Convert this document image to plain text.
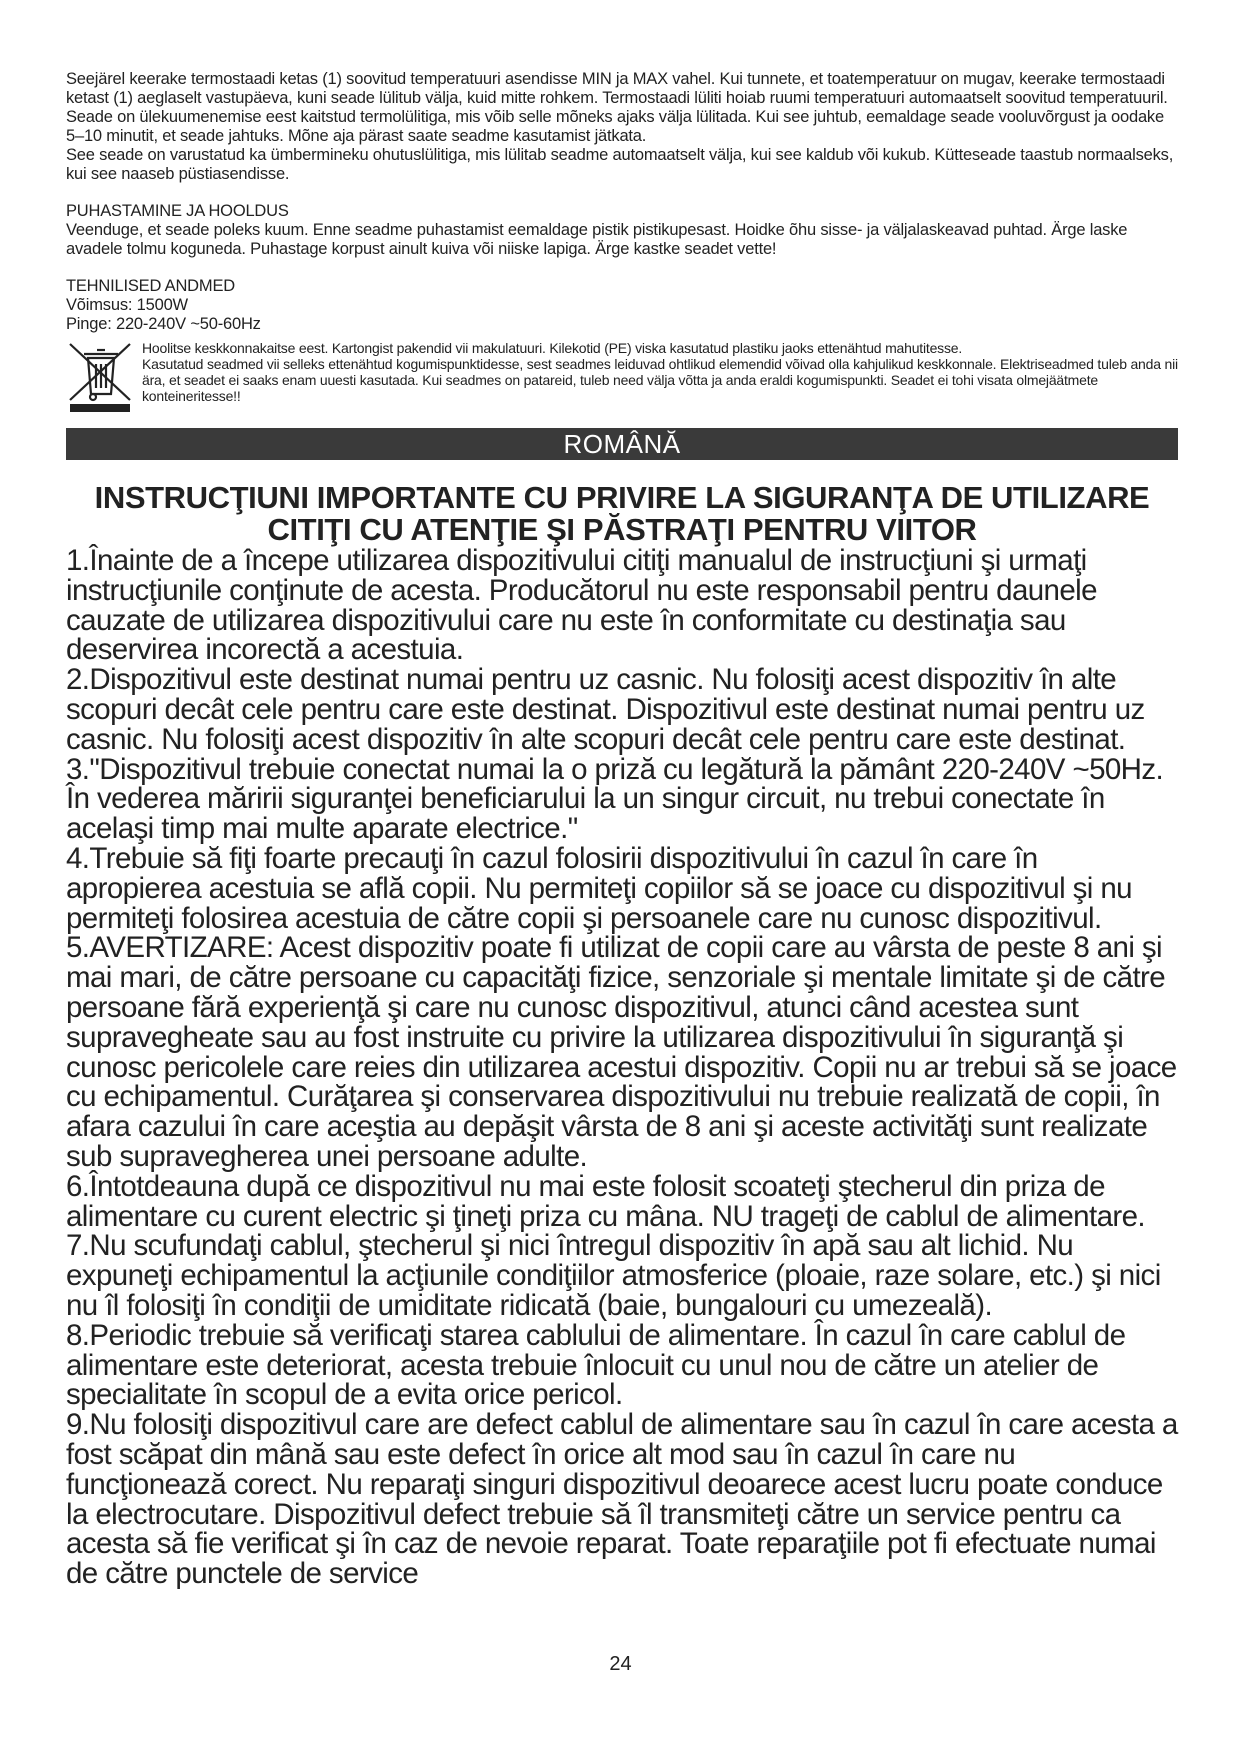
Seejärel keerake termostaadi ketas (1) soovitud temperatuuri asendisse MIN ja MAX vahel. Kui tunnete, et toatemperatuur on mugav, keerake termostaadi ketast (1) aeglaselt vastupäeva, kuni seade lülitub välja, kuid mitte rohkem. Termostaadi lüliti hoiab ruumi temperatuuri automaatselt soovitud temperatuuril.

Seade on ülekuumenemise eest kaitstud termolülitiga, mis võib selle mõneks ajaks välja lülitada. Kui see juhtub, eemaldage seade vooluvõrgust ja oodake 5–10 minutit, et seade jahtuks. Mõne aja pärast saate seadme kasutamist jätkata.

See seade on varustatud ka ümbermineku ohutuslülitiga, mis lülitab seadme automaatselt välja, kui see kaldub või kukub. Kütteseade taastub normaalseks, kui see naaseb püstiasendisse.

PUHASTAMINE JA HOOLDUS

Veenduge, et seade poleks kuum. Enne seadme puhastamist eemaldage pistik pistikupesast. Hoidke õhu sisse- ja väljalaskeavad puhtad. Ärge laske avadele tolmu koguneda. Puhastage korpust ainult kuiva või niiske lapiga. Ärge kastke seadet vette!

TEHNILISED ANDMED

Võimsus: 1500W

Pinge: 220-240V ~50-60Hz

Hoolitse keskkonnakaitse eest. Kartongist pakendid vii makulatuuri. Kilekotid (PE) viska kasutatud plastiku jaoks ettenähtud mahutitesse.

Kasutatud seadmed vii selleks ettenähtud kogumispunktidesse, sest seadmes leiduvad ohtlikud elemendid võivad olla kahjulikud keskkonnale. Elektriseadmed tuleb anda nii ära, et seadet ei saaks enam uuesti kasutada. Kui seadmes on patareid, tuleb need välja võtta ja anda eraldi kogumispunkti. Seadet ei tohi visata olmejäätmete konteineritesse!!

ROMÂNĂ
INSTRUCŢIUNI IMPORTANTE CU PRIVIRE LA SIGURANŢA DE UTILIZARE CITIŢI CU ATENŢIE ŞI PĂSTRAŢI PENTRU VIITOR

1.Înainte de a începe utilizarea dispozitivului citiţi manualul de instrucţiuni şi urmaţi instrucţiunile conţinute de acesta. Producătorul nu este responsabil pentru daunele cauzate de utilizarea dispozitivului care nu este în conformitate cu destinaţia sau deservirea incorectă a acestuia.

2.Dispozitivul este destinat numai pentru uz casnic. Nu folosiţi acest dispozitiv în alte scopuri decât cele pentru care este destinat. Dispozitivul este destinat numai pentru uz casnic. Nu folosiţi acest dispozitiv în alte scopuri decât cele pentru care este destinat.

3."Dispozitivul trebuie conectat numai la o priză cu legătură la pământ 220-240V ~50Hz. În vederea măririi siguranţei beneficiarului la un singur circuit, nu trebui conectate în acelaşi timp mai multe aparate electrice."

4.Trebuie să fiţi foarte precauţi în cazul folosirii dispozitivului în cazul în care în apropierea acestuia se află copii. Nu permiteţi copiilor să se joace cu dispozitivul şi nu permiteţi folosirea acestuia de către copii şi persoanele care nu cunosc dispozitivul.

5.AVERTIZARE: Acest dispozitiv poate fi utilizat de copii care au vârsta de peste 8 ani şi mai mari, de către persoane cu capacităţi fizice, senzoriale şi mentale limitate şi de către persoane fără experienţă şi care nu cunosc dispozitivul, atunci când acestea sunt supravegheate sau au fost instruite cu privire la utilizarea dispozitivului în siguranţă şi cunosc pericolele care reies din utilizarea acestui dispozitiv. Copii nu ar trebui să se joace cu echipamentul. Curăţarea şi conservarea dispozitivului nu trebuie realizată de copii, în afara cazului în care aceştia au depăşit vârsta de 8 ani şi aceste activităţi sunt realizate sub supravegherea unei persoane adulte.

6.Întotdeauna după ce dispozitivul nu mai este folosit scoateţi ştecherul din priza de alimentare cu curent electric şi ţineţi priza cu mâna. NU trageţi de cablul de alimentare.

7.Nu scufundaţi cablul, ştecherul şi nici întregul dispozitiv în apă sau alt lichid. Nu expuneţi echipamentul la acţiunile condiţiilor atmosferice (ploaie, raze solare, etc.) şi nici nu îl folosiţi în condiţii de umiditate ridicată (baie, bungalouri cu umezeală).

8.Periodic trebuie să verificaţi starea cablului de alimentare. În cazul în care cablul de alimentare este deteriorat, acesta trebuie înlocuit cu unul nou de către un atelier de specialitate în scopul de a evita orice pericol.

9.Nu folosiţi dispozitivul care are defect cablul de alimentare sau în cazul în care acesta a fost scăpat din mână sau este defect în orice alt mod sau în cazul în care nu funcţionează corect. Nu reparaţi singuri dispozitivul deoarece acest lucru poate conduce la electrocutare. Dispozitivul defect trebuie să îl transmiteţi către un service pentru ca acesta să fie verificat şi în caz de nevoie reparat. Toate reparaţiile pot fi efectuate numai de către punctele de service

24
